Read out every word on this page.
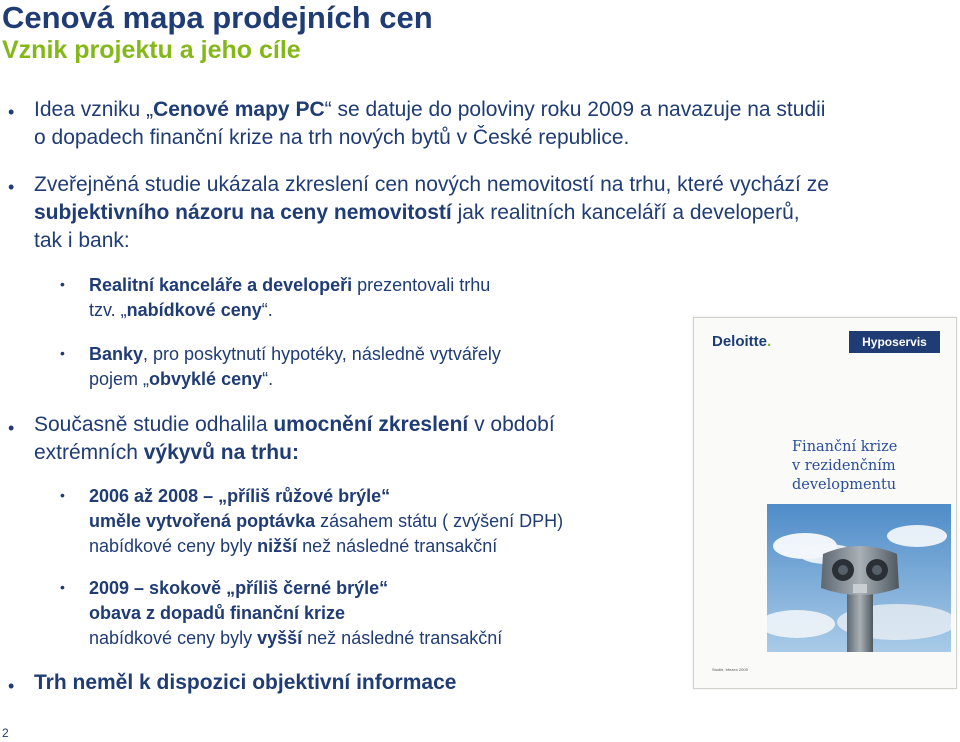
Cenová mapa prodejních cen
Vznik projektu a jeho cíle
• Idea vzniku „Cenové mapy PC“ se datuje do poloviny roku 2009 a navazuje na studii
o dopadech finanční krize na trh nových bytů v České republice.
• Zveřejněná studie ukázala zkreslení cen nových nemovitostí na trhu, které vychází ze
subjektivního názoru na ceny nemovitostí jak realitních kanceláří a developerů,
tak i bank:
• Realitní kanceláře a developeři prezentovali trhu
tzv. „nabídkové ceny“.
• Banky, pro poskytnutí hypotéky, následně vytvářely
pojem „obvyklé ceny“.
• Současně studie odhalila umocnění zkreslení v období
extrémních výkyvů na trhu:
• 2006 až 2008 – „příliš růžové brýle“
uměle vytvořená poptávka zásahem státu ( zvýšení DPH)
nabídkové ceny byly nižší než následné transakční
• 2009 – skokově „příliš černé brýle“
obava z dopadů finanční krize
nabídkové ceny byly vyšší než následné transakční
• Trh neměl k dispozici objektivní informace
2
Deloitte.	Hyposervis
Finanční krize
v rezidenčním
developmentu
Studie, březen 2009
